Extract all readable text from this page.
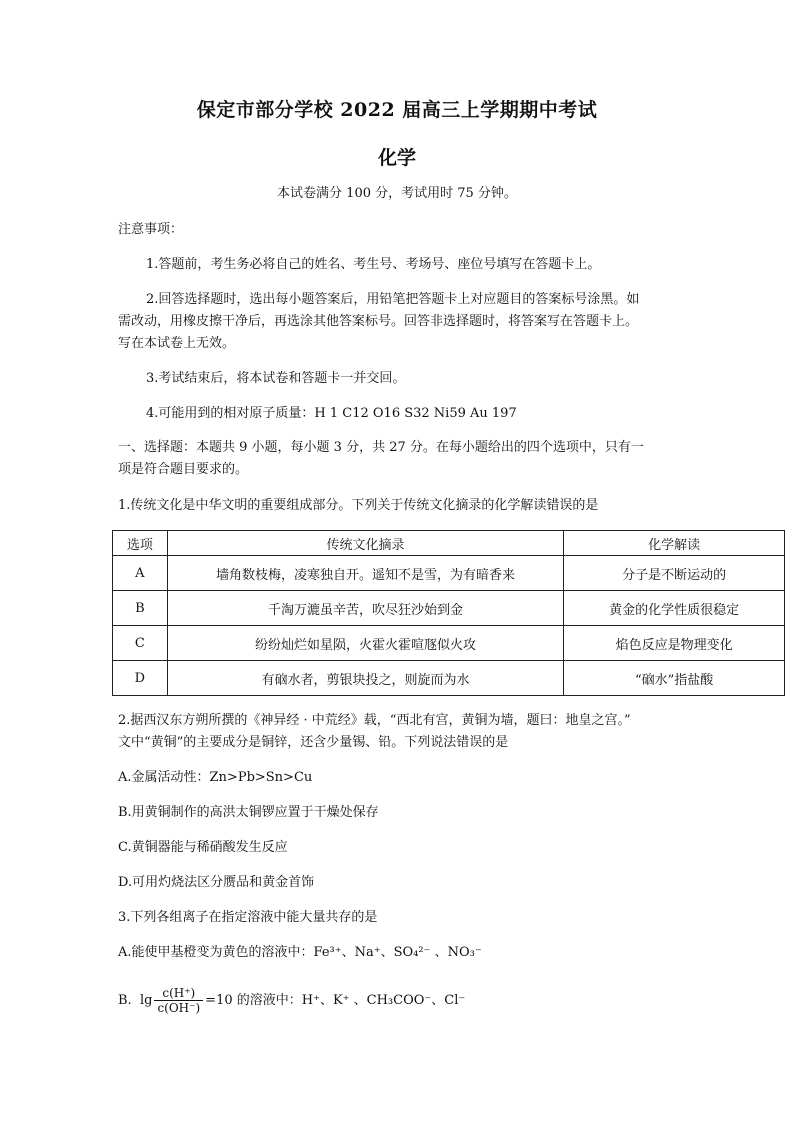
保定市部分学校 2022 届高三上学期期中考试
化学
本试卷满分 100 分，考试用时 75 分钟。
注意事项：
1.答题前，考生务必将自己的姓名、考生号、考场号、座位号填写在答题卡上。
2.回答选择题时，选出每小题答案后，用铅笔把答题卡上对应题目的答案标号涂黑。如
需改动，用橡皮擦干净后，再选涂其他答案标号。回答非选择题时，将答案写在答题卡上。
写在本试卷上无效。
3.考试结束后，将本试卷和答题卡一并交回。
4.可能用到的相对原子质量：H 1 C12 O16 S32 Ni59 Au 197
一、选择题：本题共 9 小题，每小题 3 分，共 27 分。在每小题给出的四个选项中，只有一
项是符合题目要求的。
1.传统文化是中华文明的重要组成部分。下列关于传统文化摘录的化学解读错误的是
选项	传统文化摘录	化学解读
A	墙角数枝梅，凌寒独自开。遥知不是雪，为有暗香来	分子是不断运动的
B	千淘万漉虽辛苦，吹尽狂沙始到金	黄金的化学性质很稳定
C	纷纷灿烂如星陨，火霍火霍喧豗似火攻	焰色反应是物理变化
D	有硇水者，剪银块投之，则旋而为水	“硇水”指盐酸
2.据西汉东方朔所撰的《神异经 · 中荒经》载，“西北有宫，黄铜为墙，题曰：地皇之宫。”
文中“黄铜”的主要成分是铜锌，还含少量锡、铅。下列说法错误的是
A.金属活动性：Zn>Pb>Sn>Cu
B.用黄铜制作的高洪太铜锣应置于干燥处保存
C.黄铜器能与稀硝酸发生反应
D.可用灼烧法区分赝品和黄金首饰
3.下列各组离子在指定溶液中能大量共存的是
A.能使甲基橙变为黄色的溶液中：Fe³⁺、Na⁺、SO₄²⁻ 、NO₃⁻
B. $\lg \frac{c(H^+)}{c(OH^-)} =10$ 的溶液中：H⁺、K⁺ 、CH₃COO⁻、Cl⁻
